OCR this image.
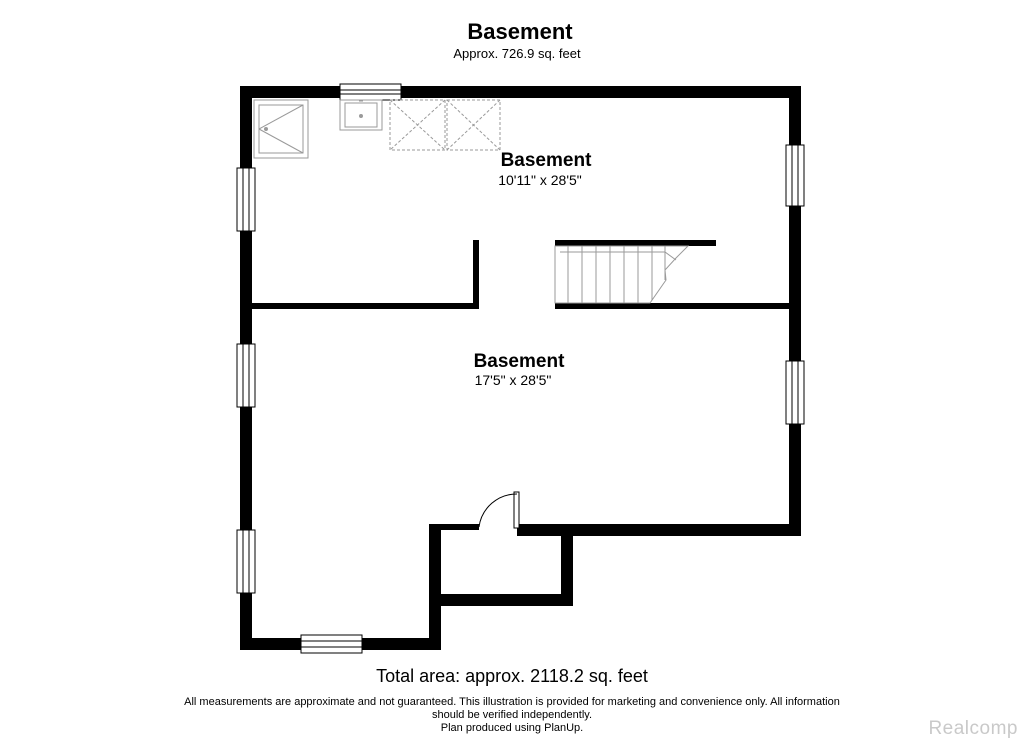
Basement
Approx. 726.9 sq. feet
Basement
10'11" x 28'5"
Basement
17'5" x 28'5"
Total area: approx. 2118.2 sq. feet
All measurements are approximate and not guaranteed. This illustration is provided for marketing and convenience only. All information should be verified independently.
Plan produced using PlanUp.	Realcomp
